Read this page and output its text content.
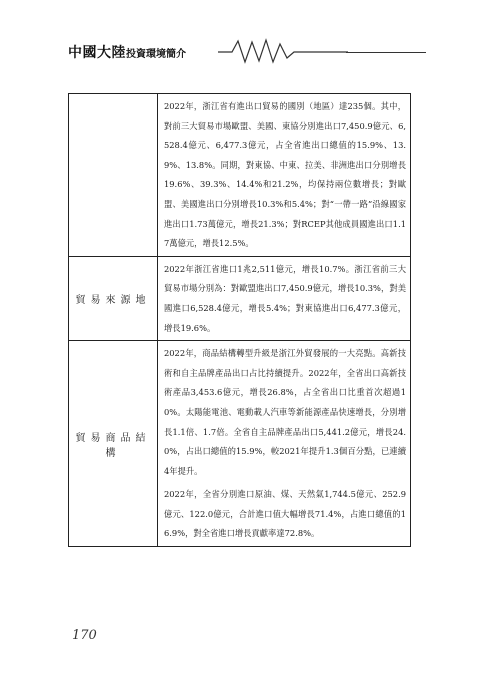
中國大陸投資環境簡介

	2022年，浙江省有進出口貿易的國別（地區）達235個。其中，對前三大貿易市場歐盟、美國、東協分別進出口7,450.9億元、6,528.4億元、6,477.3億元，占全省進出口總值的15.9%、13.9%、13.8%。同期，對東協、中東、拉美、非洲進出口分別增長19.6%、39.3%、14.4%和21.2%，均保持兩位數增長；對歐盟、美國進出口分別增長10.3%和5.4%；對“一帶一路”沿線國家進出口1.73萬億元，增長21.3%；對RCEP其他成員國進出口1.17萬億元，增長12.5%。

貿易來源地	2022年浙江省進口1兆2,511億元，增長10.7%。浙江省前三大貿易市場分別為：對歐盟進出口7,450.9億元，增長10.3%，對美國進口6,528.4億元，增長5.4%；對東協進出口6,477.3億元，增長19.6%。

貿易商品結構	2022年，商品結構轉型升級是浙江外貿發展的一大亮點。高新技術和自主品牌產品出口占比持續提升。2022年，全省出口高新技術產品3,453.6億元，增長26.8%，占全省出口比重首次超過10%。太陽能電池、電動載人汽車等新能源產品快速增長，分別增長1.1倍、1.7倍。全省自主品牌產品出口5,441.2億元，增長24.0%，占出口總值的15.9%，較2021年提升1.3個百分點，已連續4年提升。

2022年，全省分別進口原油、煤、天然氣1,744.5億元、252.9億元、122.0億元，合計進口值大幅增長71.4%，占進口總值的16.9%，對全省進口增長貢獻率達72.8%。

170
